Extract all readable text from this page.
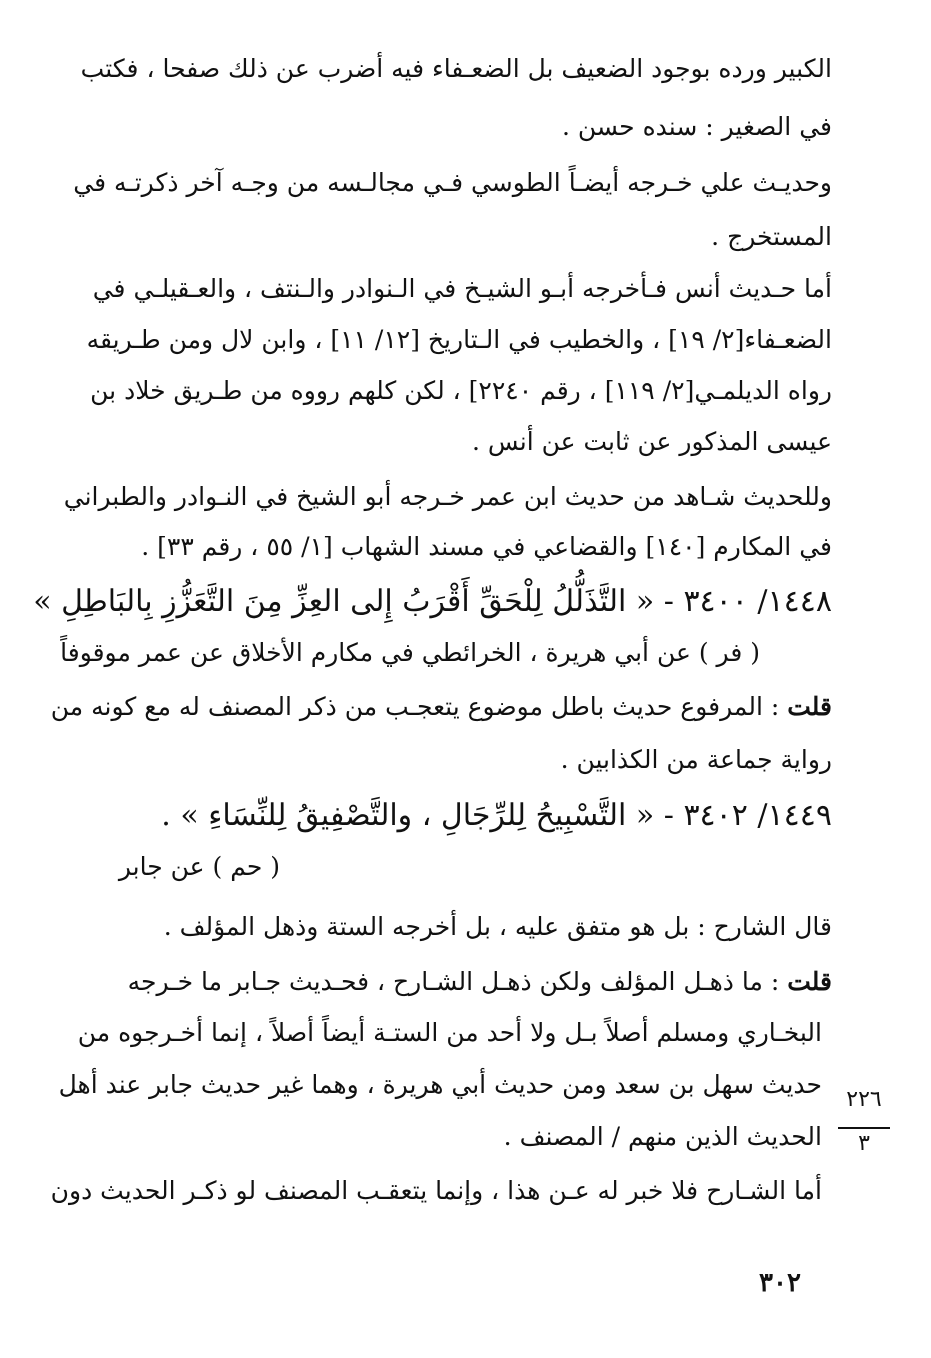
الكبير ورده بوجود الضعيف بل الضعـفاء فيه أضرب عن ذلك صفحا ، فكتب
في الصغير : سنده حسن .
وحديـث علي خـرجه أيضـاً الطوسي فـي مجالـسه من وجـه آخر ذكرتـه في
المستخرج .
أما حـديث أنس فـأخرجه أبـو الشيـخ في الـنوادر والـنتف ، والعـقيلـي في
الضعـفاء[٢/ ١٩] ، والخطيب في الـتاريخ [١٢/ ١١] ، وابن لال ومن طـريقه
رواه الديلمـي[٢/ ١١٩] ، رقم ٢٢٤٠] ، لكن كلهم رووه من طـريق خلاد بن
عيسى المذكور عن ثابت عن أنس .
وللحديث شـاهد من حديث ابن عمر خـرجه أبو الشيخ في النـوادر والطبراني
في المكارم [١٤٠] والقضاعي في مسند الشهاب [١/ ٥٥ ، رقم ٣٣] .
١٤٤٨/ ٣٤٠٠ - « التَّذَلُّلُ لِلْحَقِّ أَقْرَبُ إِلى العِزِّ مِنَ التَّعَزُّزِ بِالبَاطِلِ »
( فر ) عن أبي هريرة ، الخرائطي في مكارم الأخلاق عن عمر موقوفاً
قلت : المرفوع حديث باطل موضوع يتعجـب من ذكر المصنف له مع كونه من
رواية جماعة من الكذابين .
١٤٤٩/ ٣٤٠٢ - « التَّسْبِيحُ لِلرِّجَالِ ، والتَّصْفِيقُ لِلنِّسَاءِ » .
( حم ) عن جابر
قال الشارح : بل هو متفق عليه ، بل أخرجه الستة وذهل المؤلف .
قلت : ما ذهـل المؤلف ولكن ذهـل الشـارح ، فحـديث جـابر ما خـرجه
البخـاري ومسلم أصلاً بـل ولا أحد من الستـة أيضاً أصلاً ، إنما أخـرجوه من
حديث سهل بن سعد ومن حديث أبي هريرة ، وهما غير حديث جابر عند أهل
الحديث الذين منهم / المصنف .
أما الشـارح فلا خبر له عـن هذا ، وإنما يتعقـب المصنف لو ذكـر الحديث دون
٢٢٦
٣
٣٠٢
